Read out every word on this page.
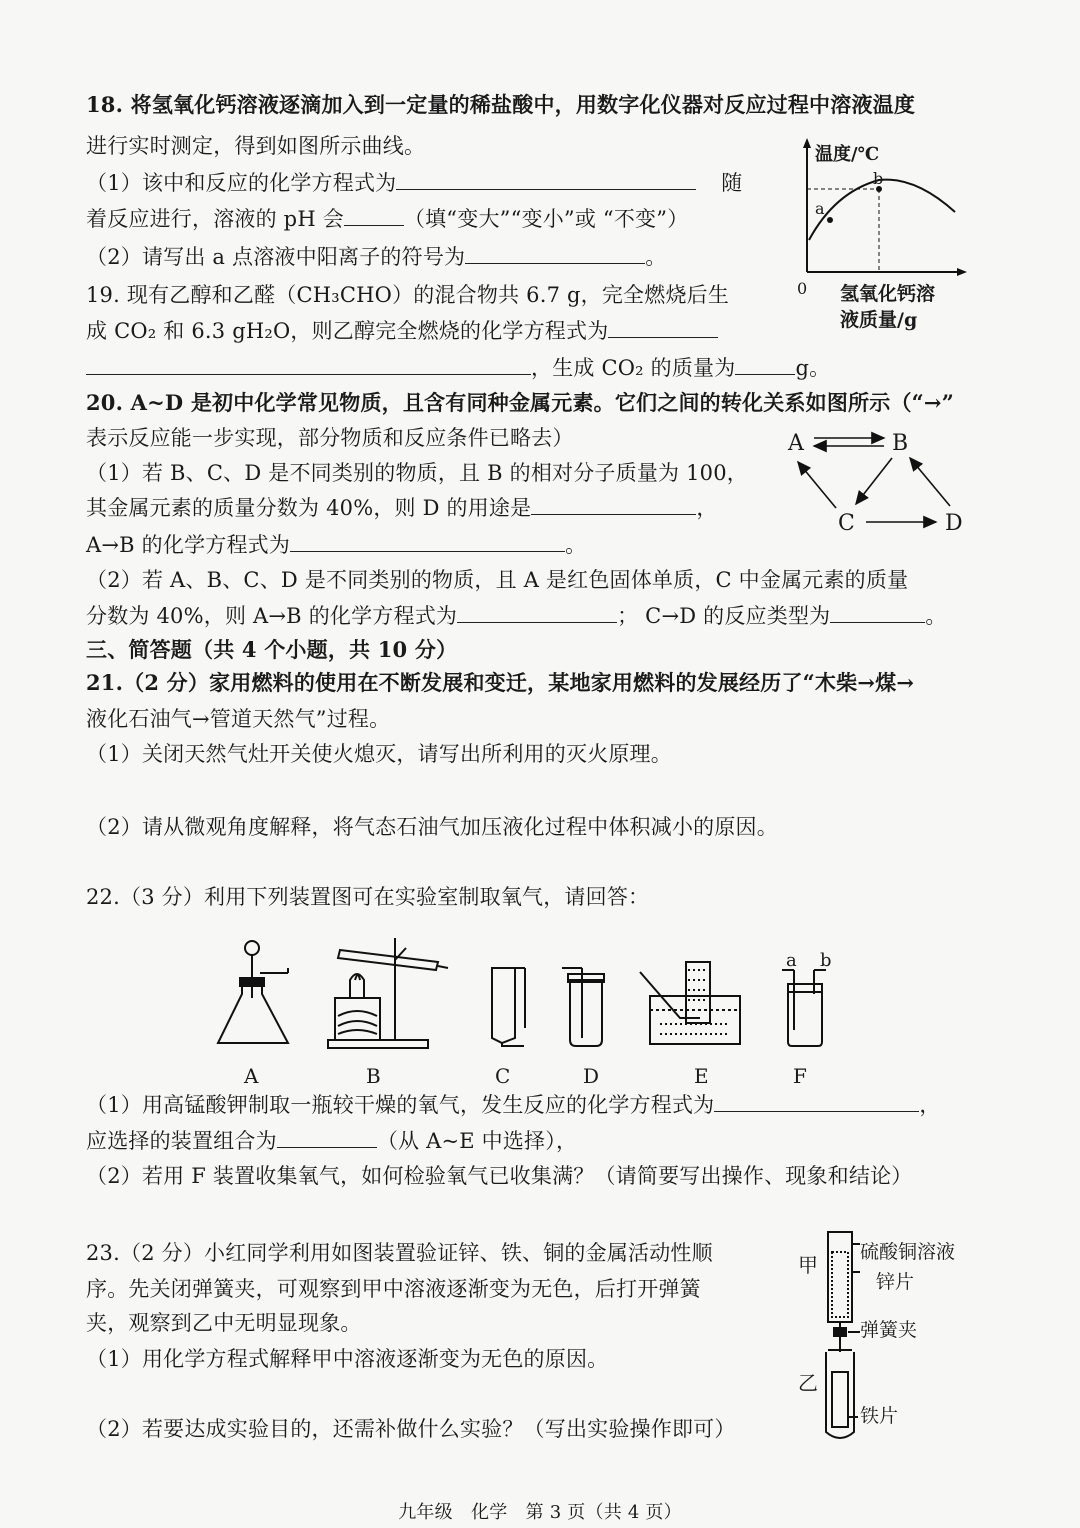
18. 将氢氧化钙溶液逐滴加入到一定量的稀盐酸中，用数字化仪器对反应过程中溶液温度
进行实时测定，得到如图所示曲线。
（1）该中和反应的化学方程式为	随
着反应进行，溶液的 pH 会	（填“变大”“变小”或 “不变”）
（2）请写出 a 点溶液中阳离子的符号为	。
温度/℃
a
b
0 氢氧化钙溶
液质量/g
19. 现有乙醇和乙醛（CH₃CHO）的混合物共 6.7 g，完全燃烧后生
成 CO₂ 和 6.3 gH₂O，则乙醇完全燃烧的化学方程式为
，生成 CO₂ 的质量为	g。
20. A~D 是初中化学常见物质，且含有同种金属元素。它们之间的转化关系如图所示（“→”
表示反应能一步实现，部分物质和反应条件已略去）
（1）若 B、C、D 是不同类别的物质，且 B 的相对分子质量为 100，
其金属元素的质量分数为 40%，则 D 的用途是	，
A→B 的化学方程式为	。
（2）若 A、B、C、D 是不同类别的物质，且 A 是红色固体单质，C 中金属元素的质量
分数为 40%，则 A→B 的化学方程式为	； C→D 的反应类型为	。
A	B
C	D
三、简答题（共 4 个小题，共 10 分）
21.（2 分）家用燃料的使用在不断发展和变迁，某地家用燃料的发展经历了“木柴→煤→
液化石油气→管道天然气”过程。
（1）关闭天然气灶开关使火熄灭，请写出所利用的灭火原理。
（2）请从微观角度解释，将气态石油气加压液化过程中体积减小的原因。
22.（3 分）利用下列装置图可在实验室制取氧气，请回答：
a b
A	B	C	D	E	F
（1）用高锰酸钾制取一瓶较干燥的氧气，发生反应的化学方程式为	，
应选择的装置组合为	（从 A~E 中选择），
（2）若用 F 装置收集氧气，如何检验氧气已收集满？（请简要写出操作、现象和结论）
23.（2 分）小红同学利用如图装置验证锌、铁、铜的金属活动性顺
序。先关闭弹簧夹，可观察到甲中溶液逐渐变为无色，后打开弹簧
夹，观察到乙中无明显现象。
（1）用化学方程式解释甲中溶液逐渐变为无色的原因。
（2）若要达成实验目的，还需补做什么实验？（写出实验操作即可）
甲
乙
硫酸铜溶液
锌片
弹簧夹
铁片
九年级　化学　第 3 页（共 4 页）
